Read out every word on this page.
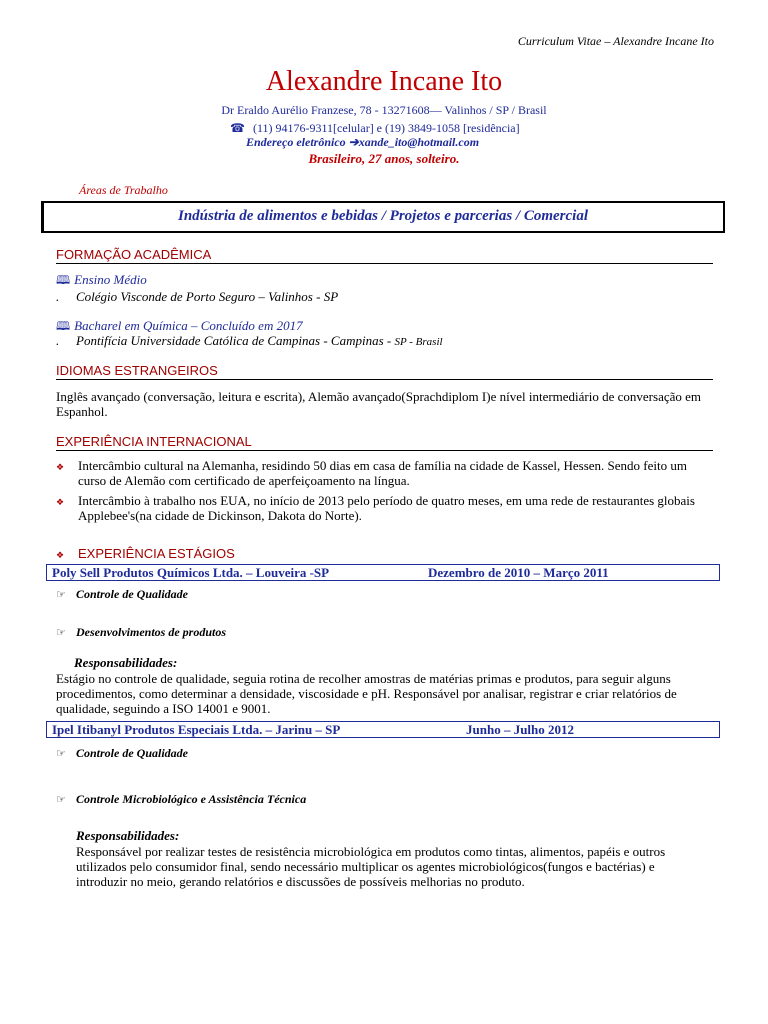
Curriculum Vitae – Alexandre Incane Ito
Alexandre Incane Ito
Dr Eraldo Aurélio Franzese, 78 - 13271608— Valinhos / SP / Brasil
☎ (11) 94176-9311[celular] e (19) 3849-1058 [residência]
Endereço eletrônico ➔xande_ito@hotmail.com
Brasileiro, 27 anos, solteiro.
Áreas de Trabalho
Indústria de alimentos e bebidas / Projetos e parcerias / Comercial
FORMAÇÃO ACADÊMICA
🕮 Ensino Médio
. Colégio Visconde de Porto Seguro – Valinhos - SP
🕮 Bacharel em Química – Concluído em 2017
. Pontifícia Universidade Católica de Campinas - Campinas - SP - Brasil
IDIOMAS ESTRANGEIROS
Inglês avançado (conversação, leitura e escrita), Alemão avançado(Sprachdiplom I)e nível intermediário de conversação em Espanhol.
EXPERIÊNCIA INTERNACIONAL
❖ Intercâmbio cultural na Alemanha, residindo 50 dias em casa de família na cidade de Kassel, Hessen. Sendo feito um curso de Alemão com certificado de aperfeiçoamento na língua.
❖ Intercâmbio à trabalho nos EUA, no início de 2013 pelo período de quatro meses, em uma rede de restaurantes globais Applebee's(na cidade de Dickinson, Dakota do Norte).
❖ EXPERIÊNCIA ESTÁGIOS
Poly Sell Produtos Químicos Ltda. – Louveira -SP	Dezembro de 2010 – Março 2011
☞ Controle de Qualidade
☞ Desenvolvimentos de produtos
Responsabilidades:
Estágio no controle de qualidade, seguia rotina de recolher amostras de matérias primas e produtos, para seguir alguns procedimentos, como determinar a densidade, viscosidade e pH. Responsável por analisar, registrar e criar relatórios de qualidade, seguindo a ISO 14001 e 9001.
Ipel Itibanyl Produtos Especiais Ltda. – Jarinu – SP	Junho – Julho 2012
☞ Controle de Qualidade
☞ Controle Microbiológico e Assistência Técnica
Responsabilidades:
Responsável por realizar testes de resistência microbiológica em produtos como tintas, alimentos, papéis e outros utilizados pelo consumidor final, sendo necessário multiplicar os agentes microbiológicos(fungos e bactérias) e introduzir no meio, gerando relatórios e discussões de possíveis melhorias no produto.
